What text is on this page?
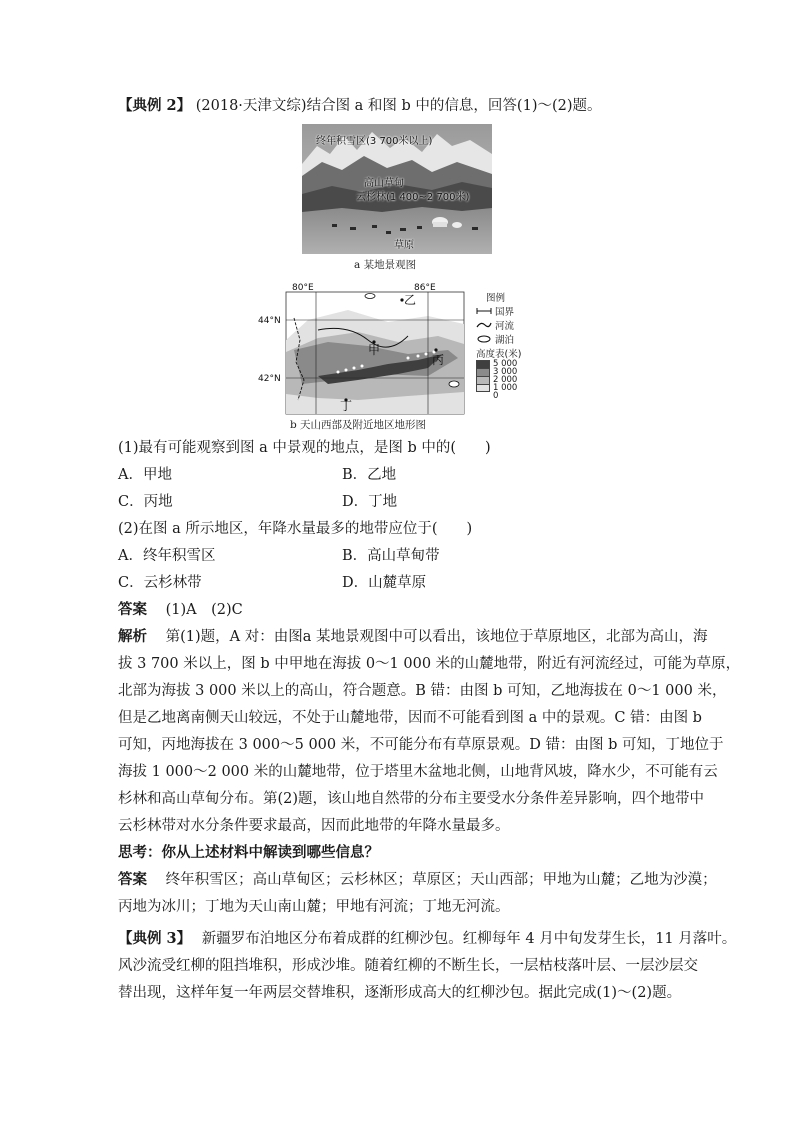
【典例 2】 (2018·天津文综)结合图 a 和图 b 中的信息，回答(1)～(2)题。
终年积雪区(3 700米以上)
高山草甸
云杉林(1 400~2 700米)
草原
a 某地景观图
80°E	86°E
44°N
42°N
甲
乙
丙
丁
图例
国界
河流
湖泊
高度表(米)
5 000
3 000
2 000
1 000
0
b 天山西部及附近地区地形图
(1)最有可能观察到图 a 中景观的地点，是图 b 中的(　　)
A．甲地	B．乙地
C．丙地	D．丁地
(2)在图 a 所示地区，年降水量最多的地带应位于(　　)
A．终年积雪区	B．高山草甸带
C．云杉林带	D．山麓草原
答案 (1)A　(2)C
解析 第(1)题，A 对：由图a 某地景观图中可以看出，该地位于草原地区，北部为高山，海
拔 3 700 米以上，图 b 中甲地在海拔 0～1 000 米的山麓地带，附近有河流经过，可能为草原，
北部为海拔 3 000 米以上的高山，符合题意。B 错：由图 b 可知，乙地海拔在 0～1 000 米，
但是乙地离南侧天山较远，不处于山麓地带，因而不可能看到图 a 中的景观。C 错：由图 b
可知，丙地海拔在 3 000～5 000 米，不可能分布有草原景观。D 错：由图 b 可知，丁地位于
海拔 1 000～2 000 米的山麓地带，位于塔里木盆地北侧，山地背风坡，降水少，不可能有云
杉林和高山草甸分布。第(2)题，该山地自然带的分布主要受水分条件差异影响，四个地带中
云杉林带对水分条件要求最高，因而此地带的年降水量最多。
思考：你从上述材料中解读到哪些信息？
答案 终年积雪区；高山草甸区；云杉林区；草原区；天山西部；甲地为山麓；乙地为沙漠；
丙地为冰川；丁地为天山南山麓；甲地有河流；丁地无河流。
【典例 3】 新疆罗布泊地区分布着成群的红柳沙包。红柳每年 4 月中旬发芽生长，11 月落叶。
风沙流受红柳的阻挡堆积，形成沙堆。随着红柳的不断生长，一层枯枝落叶层、一层沙层交
替出现，这样年复一年两层交替堆积，逐渐形成高大的红柳沙包。据此完成(1)～(2)题。
